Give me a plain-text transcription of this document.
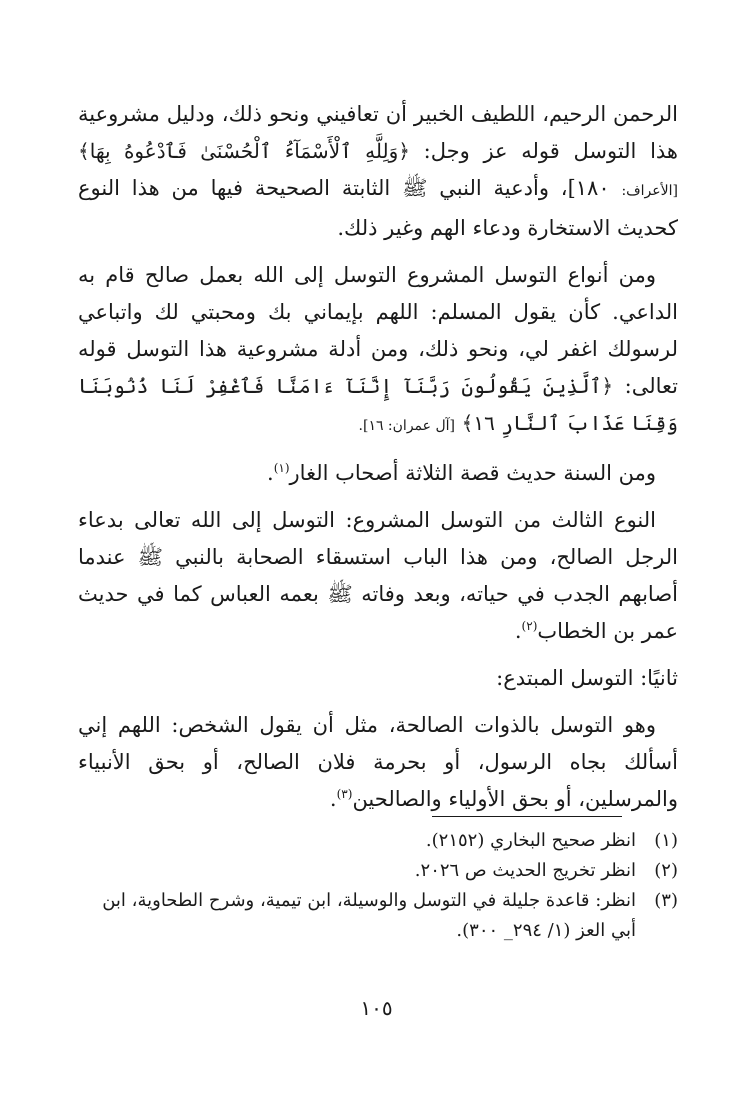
الرحمن الرحيم، اللطيف الخبير أن تعافيني ونحو ذلك، ودليل مشروعية هذا التوسل قوله عز وجل: ﴿وَلِلَّهِ ٱلْأَسْمَآءُ ٱلْحُسْنَىٰ فَٱدْعُوهُ بِهَا﴾ [الأعراف: ١٨٠]، وأدعية النبي ﷺ الثابتة الصحيحة فيها من هذا النوع كحديث الاستخارة ودعاء الهم وغير ذلك.

ومن أنواع التوسل المشروع التوسل إلى الله بعمل صالح قام به الداعي. كأن يقول المسلم: اللهم بإيماني بك ومحبتي لك واتباعي لرسولك اغفر لي، ونحو ذلك، ومن أدلة مشروعية هذا التوسل قوله تعالى: ﴿ٱلَّذِينَ يَقُولُونَ رَبَّنَآ إِنَّنَآ ءَامَنَّا فَٱغْفِرْ لَنَا ذُنُوبَنَا وَقِنَا عَذَابَ ٱلنَّارِ ١٦﴾ [آل عمران: ١٦].

ومن السنة حديث قصة الثلاثة أصحاب الغار$^{(١)}$.

النوع الثالث من التوسل المشروع: التوسل إلى الله تعالى بدعاء الرجل الصالح، ومن هذا الباب استسقاء الصحابة بالنبي ﷺ عندما أصابهم الجدب في حياته، وبعد وفاته ﷺ بعمه العباس كما في حديث عمر بن الخطاب$^{(٢)}$.

ثانيًا: التوسل المبتدع:

وهو التوسل بالذوات الصالحة، مثل أن يقول الشخص: اللهم إني أسألك بجاه الرسول، أو بحرمة فلان الصالح، أو بحق الأنبياء والمرسلين، أو بحق الأولياء والصالحين$^{(٣)}$.

(١)
انظر صحيح البخاري (٢١٥٢).
(٢)
انظر تخريج الحديث ص ٢٠٢٦.
(٣)
انظر: قاعدة جليلة في التوسل والوسيلة، ابن تيمية، وشرح الطحاوية، ابن أبي العز (١/ ٢٩٤_ ٣٠٠).
١٠٥
